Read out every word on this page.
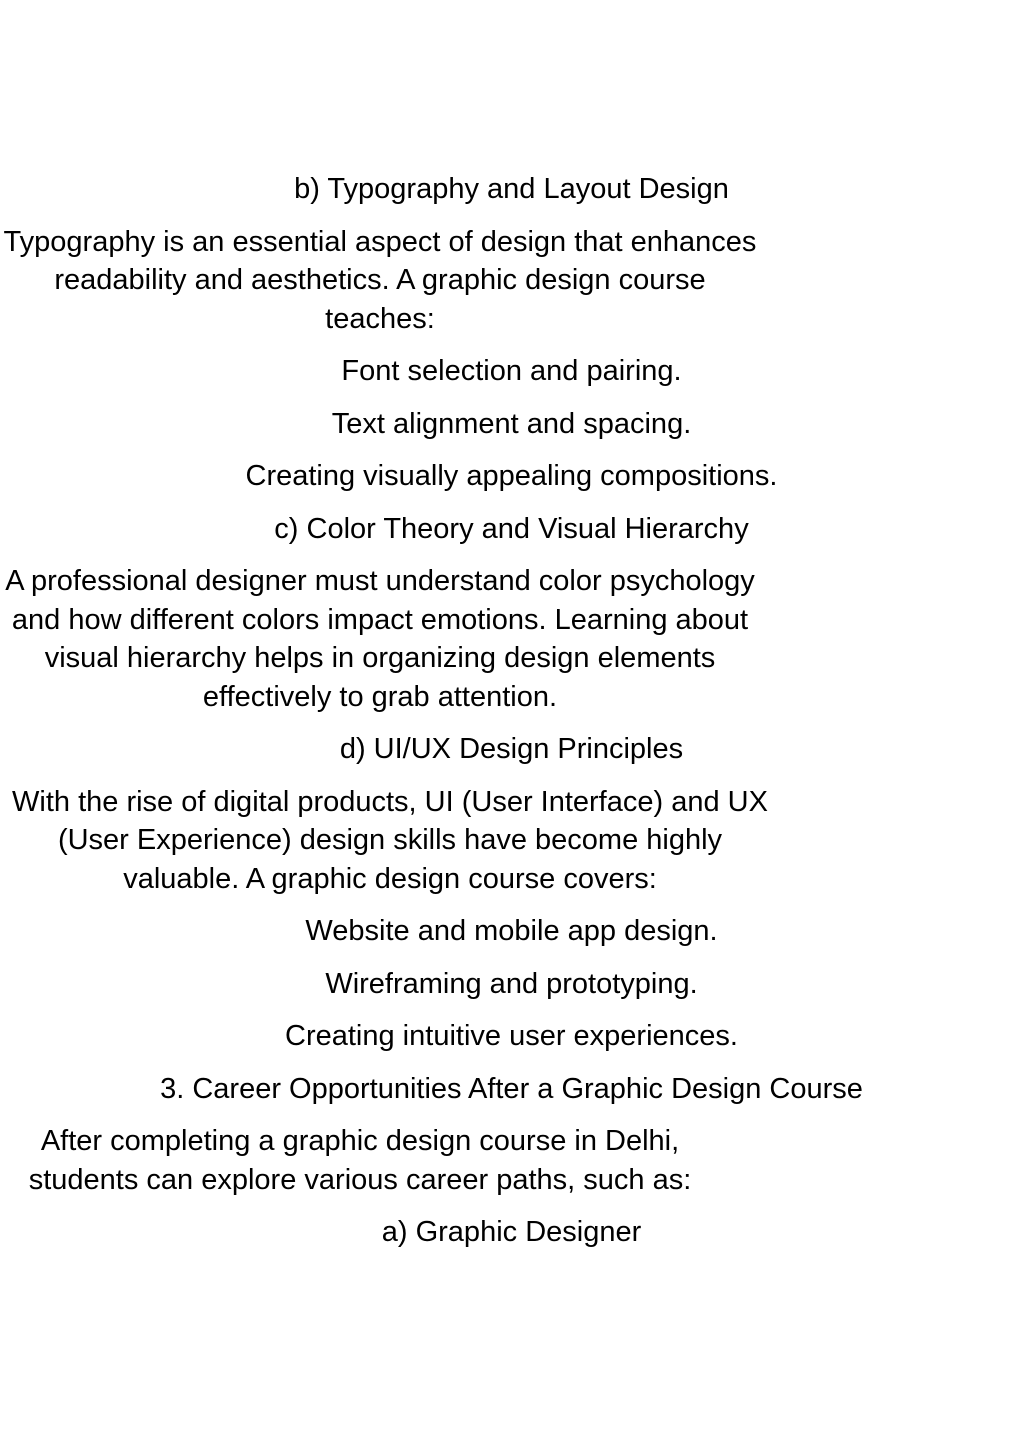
b) Typography and Layout Design

Typography is an essential aspect of design that enhances readability and aesthetics. A graphic design course teaches:

Font selection and pairing.

Text alignment and spacing.

Creating visually appealing compositions.

c) Color Theory and Visual Hierarchy

A professional designer must understand color psychology and how different colors impact emotions. Learning about visual hierarchy helps in organizing design elements effectively to grab attention.

d) UI/UX Design Principles

With the rise of digital products, UI (User Interface) and UX (User Experience) design skills have become highly valuable. A graphic design course covers:

Website and mobile app design.

Wireframing and prototyping.

Creating intuitive user experiences.

3. Career Opportunities After a Graphic Design Course

After completing a graphic design course in Delhi, students can explore various career paths, such as:

a) Graphic Designer
